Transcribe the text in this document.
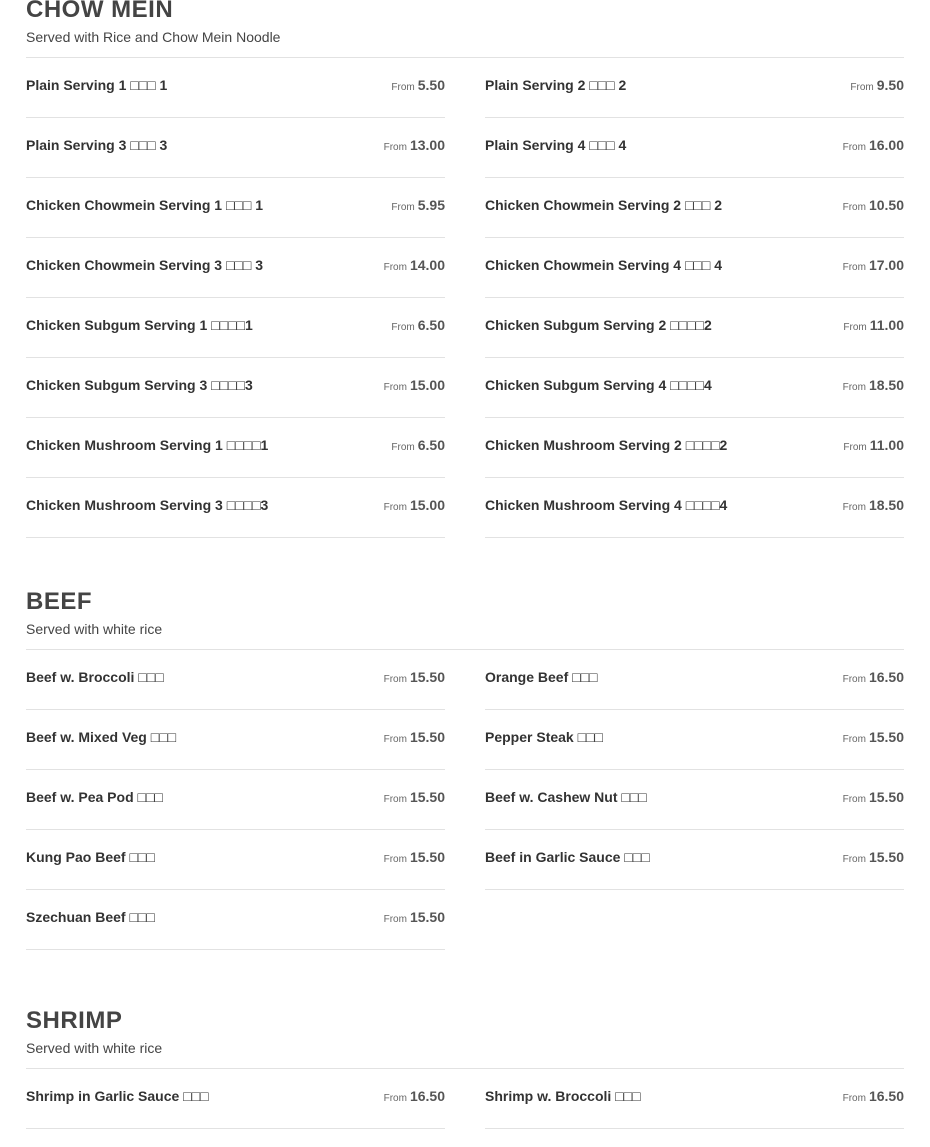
CHOW MEIN
Served with Rice and Chow Mein Noodle
Plain Serving 1 □□□ 1	From 5.50	Plain Serving 2 □□□ 2	From 9.50
Plain Serving 3 □□□ 3	From 13.00	Plain Serving 4 □□□ 4	From 16.00
Chicken Chowmein Serving 1 □□□ 1	From 5.95	Chicken Chowmein Serving 2 □□□ 2	From 10.50
Chicken Chowmein Serving 3 □□□ 3	From 14.00	Chicken Chowmein Serving 4 □□□ 4	From 17.00
Chicken Subgum Serving 1 □□□□1	From 6.50	Chicken Subgum Serving 2 □□□□2	From 11.00
Chicken Subgum Serving 3 □□□□3	From 15.00	Chicken Subgum Serving 4 □□□□4	From 18.50
Chicken Mushroom Serving 1 □□□□1	From 6.50	Chicken Mushroom Serving 2 □□□□2	From 11.00
Chicken Mushroom Serving 3 □□□□3	From 15.00	Chicken Mushroom Serving 4 □□□□4	From 18.50
BEEF
Served with white rice
Beef w. Broccoli □□□	From 15.50	Orange Beef □□□	From 16.50
Beef w. Mixed Veg □□□	From 15.50	Pepper Steak □□□	From 15.50
Beef w. Pea Pod □□□	From 15.50	Beef w. Cashew Nut □□□	From 15.50
Kung Pao Beef □□□	From 15.50	Beef in Garlic Sauce □□□	From 15.50
Szechuan Beef □□□	From 15.50
SHRIMP
Served with white rice
Shrimp in Garlic Sauce □□□	From 16.50	Shrimp w. Broccoli □□□	From 16.50
